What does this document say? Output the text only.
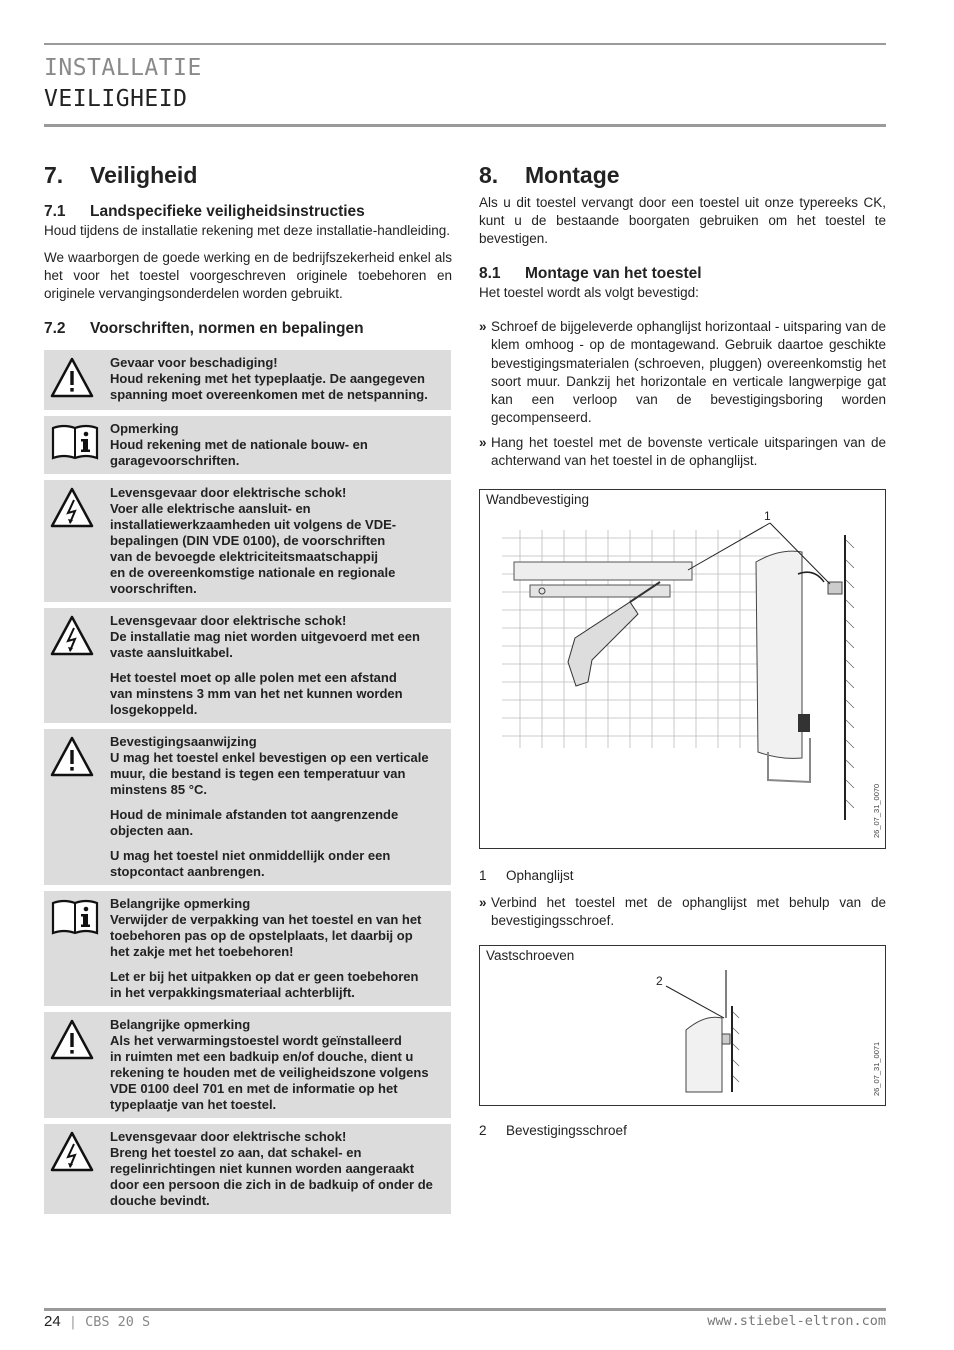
INSTALLATIE
VEILIGHEID
7. Veiligheid
7.1 Landspecifieke veiligheidsinstructies

Houd tijdens de installatie rekening met deze installatie-handleiding.

We waarborgen de goede werking en de bedrijfszekerheid enkel als het voor het toestel voorgeschreven originele toebehoren en originele vervangingsonderdelen worden gebruikt.

7.2 Voorschriften, normen en bepalingen
Gevaar voor beschadiging!
Houd rekening met het typeplaatje. De aangegeven
spanning moet overeenkomen met de netspanning.
Opmerking
Houd rekening met de nationale bouw- en
garagevoorschriften.
Levensgevaar door elektrische schok!
Voer alle elektrische aansluit- en
installatiewerkzaamheden uit volgens de VDE-
bepalingen (DIN VDE 0100), de voorschriften
van de bevoegde elektriciteitsmaatschappij
en de overeenkomstige nationale en regionale
voorschriften.
Levensgevaar door elektrische schok!
De installatie mag niet worden uitgevoerd met een
vaste aansluitkabel.
Het toestel moet op alle polen met een afstand
van minstens 3 mm van het net kunnen worden
losgekoppeld.
Bevestigingsaanwijzing
U mag het toestel enkel bevestigen op een verticale
muur, die bestand is tegen een temperatuur van
minstens 85 °C.
Houd de minimale afstanden tot aangrenzende
objecten aan.
U mag het toestel niet onmiddellijk onder een
stopcontact aanbrengen.
Belangrijke opmerking
Verwijder de verpakking van het toestel en van het
toebehoren pas op de opstelplaats, let daarbij op
het zakje met het toebehoren!
Let er bij het uitpakken op dat er geen toebehoren
in het verpakkingsmateriaal achterblijft.
Belangrijke opmerking
Als het verwarmingstoestel wordt geïnstalleerd
in ruimten met een badkuip en/of douche, dient u
rekening te houden met de veiligheidszone volgens
VDE 0100 deel 701 en met de informatie op het
typeplaatje van het toestel.
Levensgevaar door elektrische schok!
Breng het toestel zo aan, dat schakel- en
regelinrichtingen niet kunnen worden aangeraakt
door een persoon die zich in de badkuip of onder de
douche bevindt.
8. Montage

Als u dit toestel vervangt door een toestel uit onze typereeks CK, kunt u de bestaande boorgaten gebruiken om het toestel te bevestigen.

8.1 Montage van het toestel

Het toestel wordt als volgt bevestigd:

» Schroef de bijgeleverde ophanglijst horizontaal - uitsparing van de klem omhoog - op de montagewand. Gebruik daartoe geschikte bevestigingsmaterialen (schroeven, pluggen) overeenkomstig het soort muur. Dankzij het horizontale en verticale langwerpige gat kan een verloop van de bevestigingsboring worden gecompenseerd.
» Hang het toestel met de bovenste verticale uitsparingen van de achterwand van het toestel in de ophanglijst.
Wandbevestiging
1
26_07_31_0070
1 Ophanglijst
» Verbind het toestel met de ophanglijst met behulp van de bevestigingsschroef.
Vastschroeven
2
26_07_31_0071
2 Bevestigingsschroef
24 | CBS 20 S	www.stiebel-eltron.com
